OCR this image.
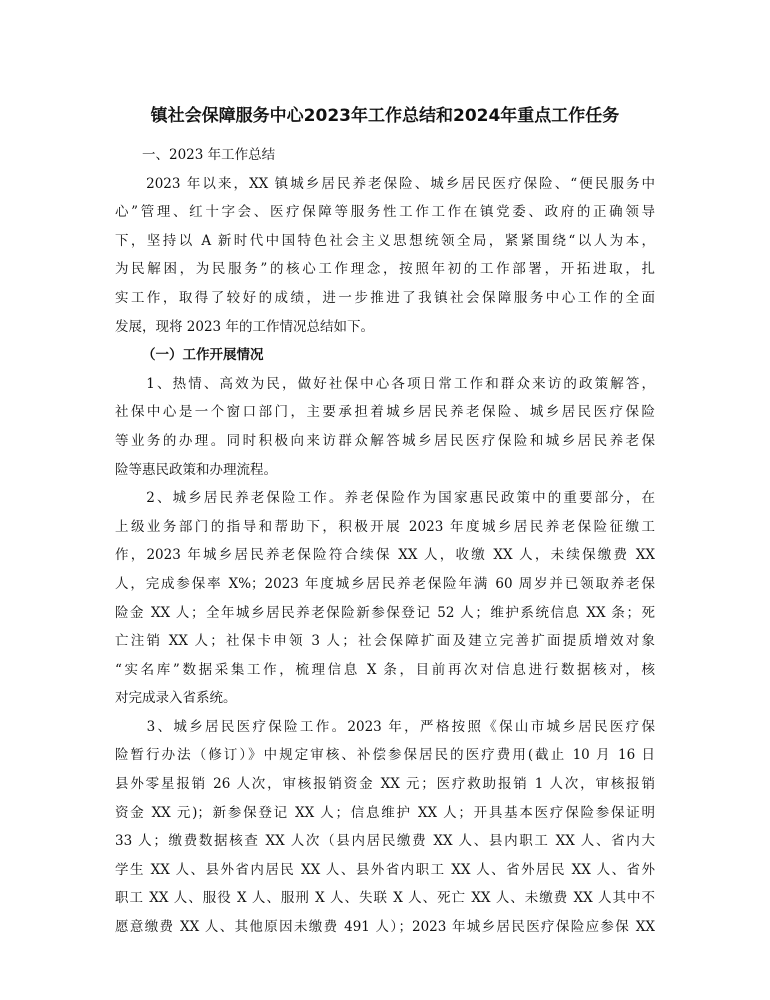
镇社会保障服务中心2023年工作总结和2024年重点工作任务
一、2023 年工作总结
　　2023 年以来，XX 镇城乡居民养老保险、城乡居民医疗保险、“便民服务中
心”管理、红十字会、医疗保障等服务性工作工作在镇党委、政府的正确领导
下，坚持以 A 新时代中国特色社会主义思想统领全局，紧紧围绕“以人为本，
为民解困，为民服务”的核心工作理念，按照年初的工作部署，开拓进取，扎
实工作，取得了较好的成绩，进一步推进了我镇社会保障服务中心工作的全面
发展，现将 2023 年的工作情况总结如下。
（一）工作开展情况
　　1、热情、高效为民，做好社保中心各项日常工作和群众来访的政策解答，
社保中心是一个窗口部门，主要承担着城乡居民养老保险、城乡居民医疗保险
等业务的办理。同时积极向来访群众解答城乡居民医疗保险和城乡居民养老保
险等惠民政策和办理流程。
　　2、城乡居民养老保险工作。养老保险作为国家惠民政策中的重要部分，在
上级业务部门的指导和帮助下，积极开展 2023 年度城乡居民养老保险征缴工
作，2023 年城乡居民养老保险符合续保 XX 人，收缴 XX 人，未续保缴费 XX
人，完成参保率 X%；2023 年度城乡居民养老保险年满 60 周岁并已领取养老保
险金 XX 人；全年城乡居民养老保险新参保登记 52 人；维护系统信息 XX 条；死
亡注销 XX 人；社保卡申领 3 人；社会保障扩面及建立完善扩面提质增效对象
“实名库”数据采集工作，梳理信息 X 条，目前再次对信息进行数据核对，核
对完成录入省系统。
　　3、城乡居民医疗保险工作。2023 年，严格按照《保山市城乡居民医疗保
险暂行办法（修订）》中规定审核、补偿参保居民的医疗费用(截止 10 月 16 日
县外零星报销 26 人次，审核报销资金 XX 元；医疗救助报销 1 人次，审核报销
资金 XX 元)；新参保登记 XX 人；信息维护 XX 人；开具基本医疗保险参保证明
33 人；缴费数据核查 XX 人次（县内居民缴费 XX 人、县内职工 XX 人、省内大
学生 XX 人、县外省内居民 XX 人、县外省内职工 XX 人、省外居民 XX 人、省外
职工 XX 人、服役 X 人、服刑 X 人、失联 X 人、死亡 XX 人、未缴费 XX 人其中不
愿意缴费 XX 人、其他原因未缴费 491 人）；2023 年城乡居民医疗保险应参保 XX
